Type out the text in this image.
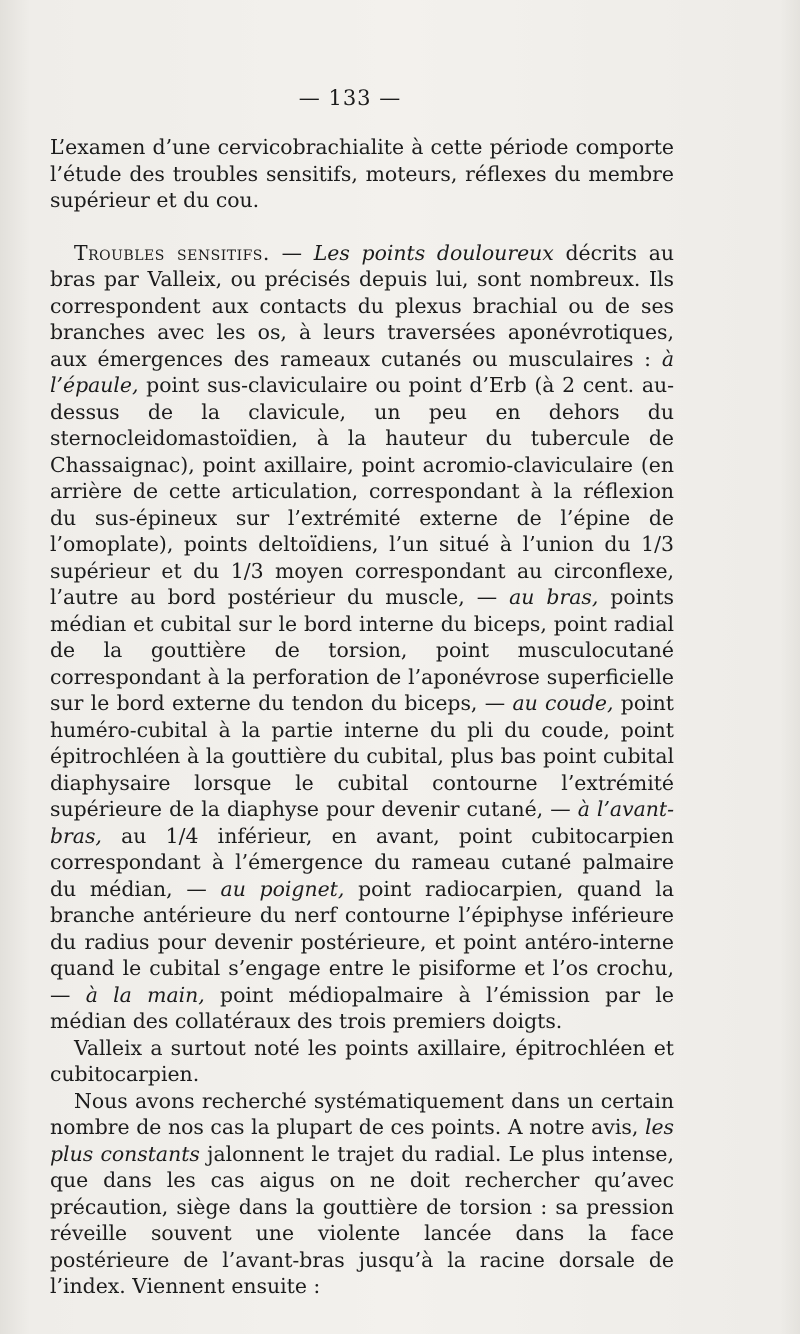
— 133 —

L’examen d’une cervicobrachialite à cette période comporte l’étude des troubles sensitifs, moteurs, réflexes du membre supérieur et du cou.

Troubles sensitifs. — Les points douloureux décrits au bras par Valleix, ou précisés depuis lui, sont nombreux. Ils correspondent aux contacts du plexus brachial ou de ses branches avec les os, à leurs traversées aponévrotiques, aux émergences des rameaux cutanés ou musculaires : à l’épaule, point sus-claviculaire ou point d’Erb (à 2 cent. au-dessus de la clavicule, un peu en dehors du sternocleidomastoïdien, à la hauteur du tubercule de Chassaignac), point axillaire, point acromio-claviculaire (en arrière de cette articulation, correspondant à la réflexion du sus-épineux sur l’extrémité externe de l’épine de l’omoplate), points deltoïdiens, l’un situé à l’union du 1/3 supérieur et du 1/3 moyen correspondant au circonflexe, l’autre au bord postérieur du muscle, — au bras, points médian et cubital sur le bord interne du biceps, point radial de la gouttière de torsion, point musculocutané correspondant à la perforation de l’aponévrose superficielle sur le bord externe du tendon du biceps, — au coude, point huméro-cubital à la partie interne du pli du coude, point épitrochléen à la gouttière du cubital, plus bas point cubital diaphysaire lorsque le cubital contourne l’extrémité supérieure de la diaphyse pour devenir cutané, — à l’avant-bras, au 1/4 inférieur, en avant, point cubitocarpien correspondant à l’émergence du rameau cutané palmaire du médian, — au poignet, point radiocarpien, quand la branche antérieure du nerf contourne l’épiphyse inférieure du radius pour devenir postérieure, et point antéro-interne quand le cubital s’engage entre le pisiforme et l’os crochu, — à la main, point médiopalmaire à l’émission par le médian des collatéraux des trois premiers doigts.

Valleix a surtout noté les points axillaire, épitrochléen et cubitocarpien.

Nous avons recherché systématiquement dans un certain nombre de nos cas la plupart de ces points. A notre avis, les plus constants jalonnent le trajet du radial. Le plus intense, que dans les cas aigus on ne doit rechercher qu’avec précaution, siège dans la gouttière de torsion : sa pression réveille souvent une violente lancée dans la face postérieure de l’avant-bras jusqu’à la racine dorsale de l’index. Viennent ensuite :
